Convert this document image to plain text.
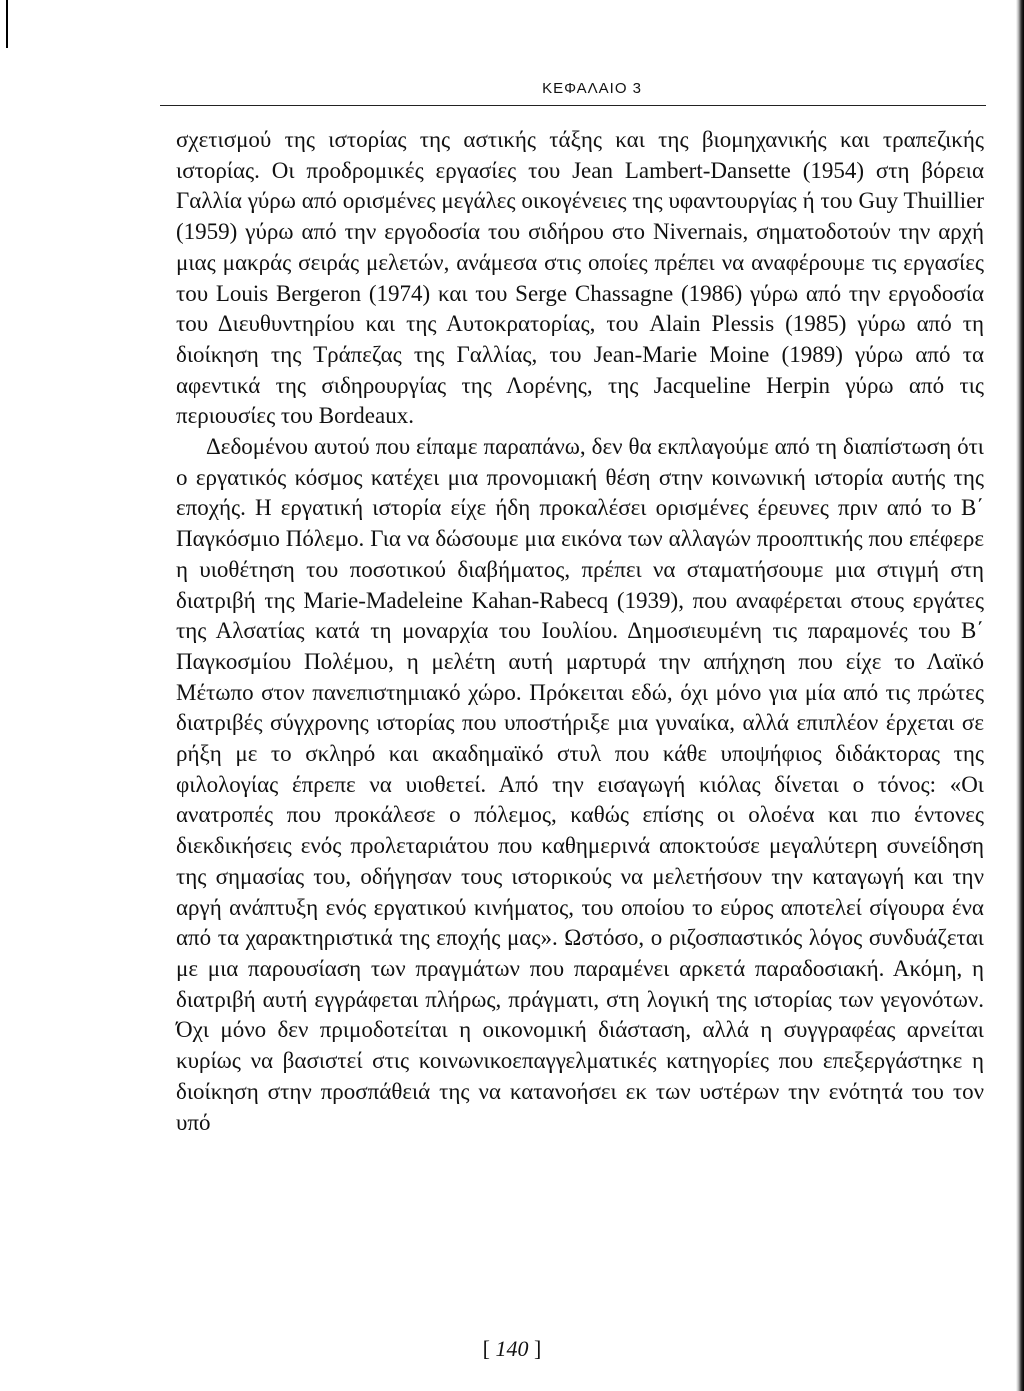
ΚΕΦΑΛΑΙΟ 3

σχετισμού της ιστορίας της αστικής τάξης και της βιομηχανικής και τραπεζικής ιστορίας. Οι προδρομικές εργασίες του Jean Lambert-Dansette (1954) στη βόρεια Γαλλία γύρω από ορισμένες μεγάλες οικογένειες της υφαντουργίας ή του Guy Thuillier (1959) γύρω από την εργοδοσία του σιδήρου στο Nivernais, σηματοδοτούν την αρχή μιας μακράς σειράς μελετών, ανάμεσα στις οποίες πρέπει να αναφέρουμε τις εργασίες του Louis Bergeron (1974) και του Serge Chassagne (1986) γύρω από την εργοδοσία του Διευθυντηρίου και της Αυτοκρατορίας, του Alain Plessis (1985) γύρω από τη διοίκηση της Τράπεζας της Γαλλίας, του Jean-Marie Moine (1989) γύρω από τα αφεντικά της σιδηρουργίας της Λορένης, της Jacqueline Herpin γύρω από τις περιουσίες του Bordeaux.

Δεδομένου αυτού που είπαμε παραπάνω, δεν θα εκπλαγούμε από τη διαπίστωση ότι ο εργατικός κόσμος κατέχει μια προνομιακή θέση στην κοινωνική ιστορία αυτής της εποχής. Η εργατική ιστορία είχε ήδη προκαλέσει ορισμένες έρευνες πριν από το Β΄ Παγκόσμιο Πόλεμο. Για να δώσουμε μια εικόνα των αλλαγών προοπτικής που επέφερε η υιοθέτηση του ποσοτικού διαβήματος, πρέπει να σταματήσουμε μια στιγμή στη διατριβή της Marie-Madeleine Kahan-Rabecq (1939), που αναφέρεται στους εργάτες της Αλσατίας κατά τη μοναρχία του Ιουλίου. Δημοσιευμένη τις παραμονές του Β΄ Παγκοσμίου Πολέμου, η μελέτη αυτή μαρτυρά την απήχηση που είχε το Λαϊκό Μέτωπο στον πανεπιστημιακό χώρο. Πρόκειται εδώ, όχι μόνο για μία από τις πρώτες διατριβές σύγχρονης ιστορίας που υποστήριξε μια γυναίκα, αλλά επιπλέον έρχεται σε ρήξη με το σκληρό και ακαδημαϊκό στυλ που κάθε υποψήφιος διδάκτορας της φιλολογίας έπρεπε να υιοθετεί. Από την εισαγωγή κιόλας δίνεται ο τόνος: «Οι ανατροπές που προκάλεσε ο πόλεμος, καθώς επίσης οι ολοένα και πιο έντονες διεκδικήσεις ενός προλεταριάτου που καθημερινά αποκτούσε μεγαλύτερη συνείδηση της σημασίας του, οδήγησαν τους ιστορικούς να μελετήσουν την καταγωγή και την αργή ανάπτυξη ενός εργατικού κινήματος, του οποίου το εύρος αποτελεί σίγουρα ένα από τα χαρακτηριστικά της εποχής μας». Ωστόσο, ο ριζοσπαστικός λόγος συνδυάζεται με μια παρουσίαση των πραγμάτων που παραμένει αρκετά παραδοσιακή. Ακόμη, η διατριβή αυτή εγγράφεται πλήρως, πράγματι, στη λογική της ιστορίας των γεγονότων. Όχι μόνο δεν πριμοδοτείται η οικονομική διάσταση, αλλά η συγγραφέας αρνείται κυρίως να βασιστεί στις κοινωνικοεπαγγελματικές κατηγορίες που επεξεργάστηκε η διοίκηση στην προσπάθειά της να κατανοήσει εκ των υστέρων την ενότητά του τον υπό

[ 140 ]
